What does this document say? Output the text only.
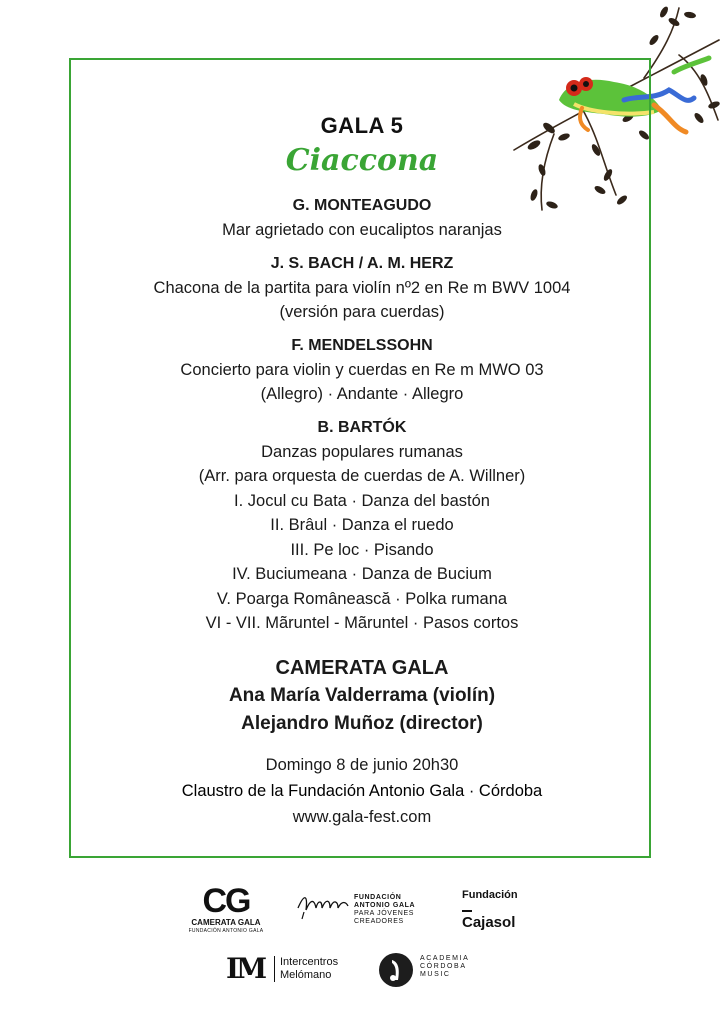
GALA 5
Ciaccona

G. MONTEAGUDO

Mar agrietado con eucaliptos naranjas

J. S. BACH / A. M. HERZ

Chacona de la partita para violín nº2 en Re m BWV 1004

(versión para cuerdas)

F. MENDELSSOHN

Concierto para violin y cuerdas en Re m MWO 03

(Allegro) · Andante · Allegro

B. BARTÓK

Danzas populares rumanas

(Arr. para orquesta de cuerdas de A. Willner)

I. Jocul cu Bata · Danza del bastón

II. Brâul · Danza el ruedo

III. Pe loc · Pisando

IV. Buciumeana · Danza de Bucium

V. Poarga Românească · Polka rumana

VI - VII. Mãruntel - Mãruntel · Pasos cortos

CAMERATA GALA

Ana María Valderrama (violín)

Alejandro Muñoz (director)

Domingo 8 de junio 20h30

Claustro de la Fundación Antonio Gala · Córdoba

www.gala-fest.com

CG
CAMERATA GALA
FUNDACIÓN ANTONIO GALA
FUNDACIÓN
ANTONIO GALA
PARA JÓVENES
CREADORES
Fundación
Cajasol
IM Intercentros
Melómano
ACADEMIA
CÓRDOBA
MUSIC
